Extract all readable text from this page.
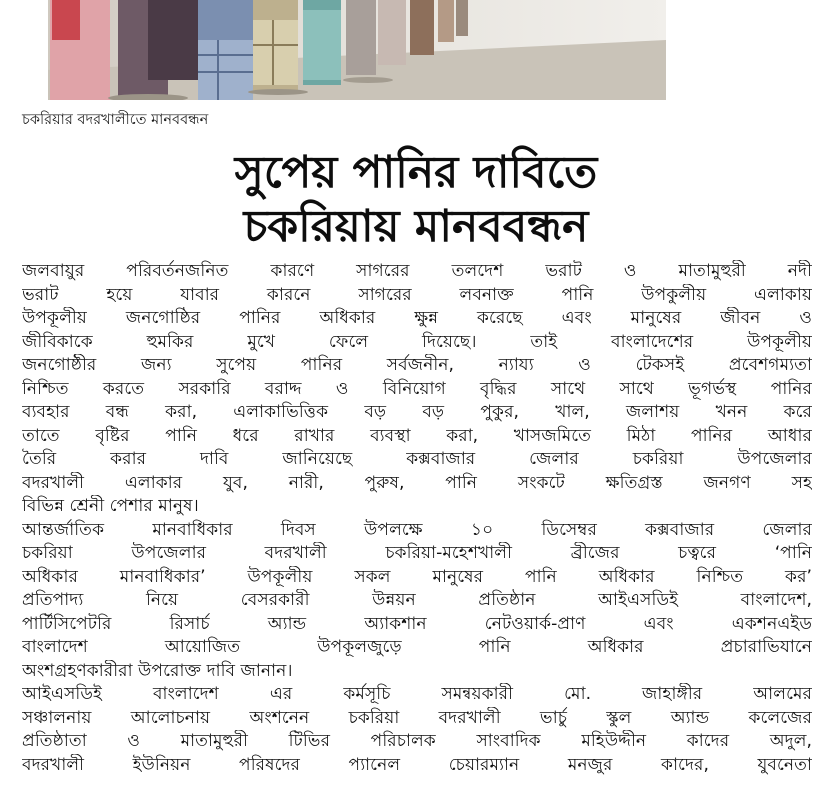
চকরিয়ার বদরখালীতে মানববন্ধন
সুপেয় পানির দাবিতে
চকরিয়ায় মানববন্ধন
জলবায়ুর পরিবর্তনজনিত কারণে সাগরের তলদেশ ভরাট ও মাতামুহুরী নদী
ভরাট হয়ে যাবার কারনে সাগরের লবনাক্ত পানি উপকুলীয় এলাকায়
উপকূলীয় জনগোষ্ঠির পানির অধিকার ক্ষুন্ন করেছে এবং মানুষের জীবন ও
জীবিকাকে হুমকির মুখে ফেলে দিয়েছে। তাই বাংলাদেশের উপকূলীয়
জনগোষ্ঠীর জন্য সুপেয় পানির সর্বজনীন, ন্যায্য ও টেকসই প্রবেশগম্যতা
নিশ্চিত করতে সরকারি বরাদ্দ ও বিনিয়োগ বৃদ্ধির সাথে সাথে ভূগর্ভস্থ পানির
ব্যবহার বন্ধ করা, এলাকাভিত্তিক বড় বড় পুকুর, খাল, জলাশয় খনন করে
তাতে বৃষ্টির পানি ধরে রাখার ব্যবস্থা করা, খাসজমিতে মিঠা পানির আধার
তৈরি করার দাবি জানিয়েছে কক্সবাজার জেলার চকরিয়া উপজেলার
বদরখালী এলাকার যুব, নারী, পুরুষ, পানি সংকটে ক্ষতিগ্রস্ত জনগণ সহ
বিভিন্ন শ্রেনী পেশার মানুষ।
আন্তর্জাতিক মানবাধিকার দিবস উপলক্ষে ১০ ডিসেম্বর কক্সবাজার জেলার
চকরিয়া উপজেলার বদরখালী চকরিয়া-মহেশখালী ব্রীজের চত্বরে ‘পানি
অধিকার মানবাধিকার’ উপকূলীয় সকল মানুষের পানি অধিকার নিশ্চিত কর’
প্রতিপাদ্য নিয়ে বেসরকারী উন্নয়ন প্রতিষ্ঠান আইএসডিই বাংলাদেশ,
পার্টিসিপেটরি রিসার্চ অ্যান্ড অ্যাকশান নেটওয়ার্ক-প্রাণ এবং একশনএইড
বাংলাদেশ আয়োজিত উপকূলজুড়ে পানি অধিকার প্রচারাভিযানে
অংশগ্রহণকারীরা উপরোক্ত দাবি জানান।
আইএসডিই বাংলাদেশ এর কর্মসূচি সমন্বয়কারী মো. জাহাঙ্গীর আলমের
সঞ্চালনায় আলোচনায় অংশনেন চকরিয়া বদরখালী ভার্চু স্কুল অ্যান্ড কলেজের
প্রতিষ্ঠাতা ও মাতামুহুরী টিভির পরিচালক সাংবাদিক মহিউদ্দীন কাদের অদুল,
বদরখালী ইউনিয়ন পরিষদের প্যানেল চেয়ারম্যান মনজুর কাদের, যুবনেতা
